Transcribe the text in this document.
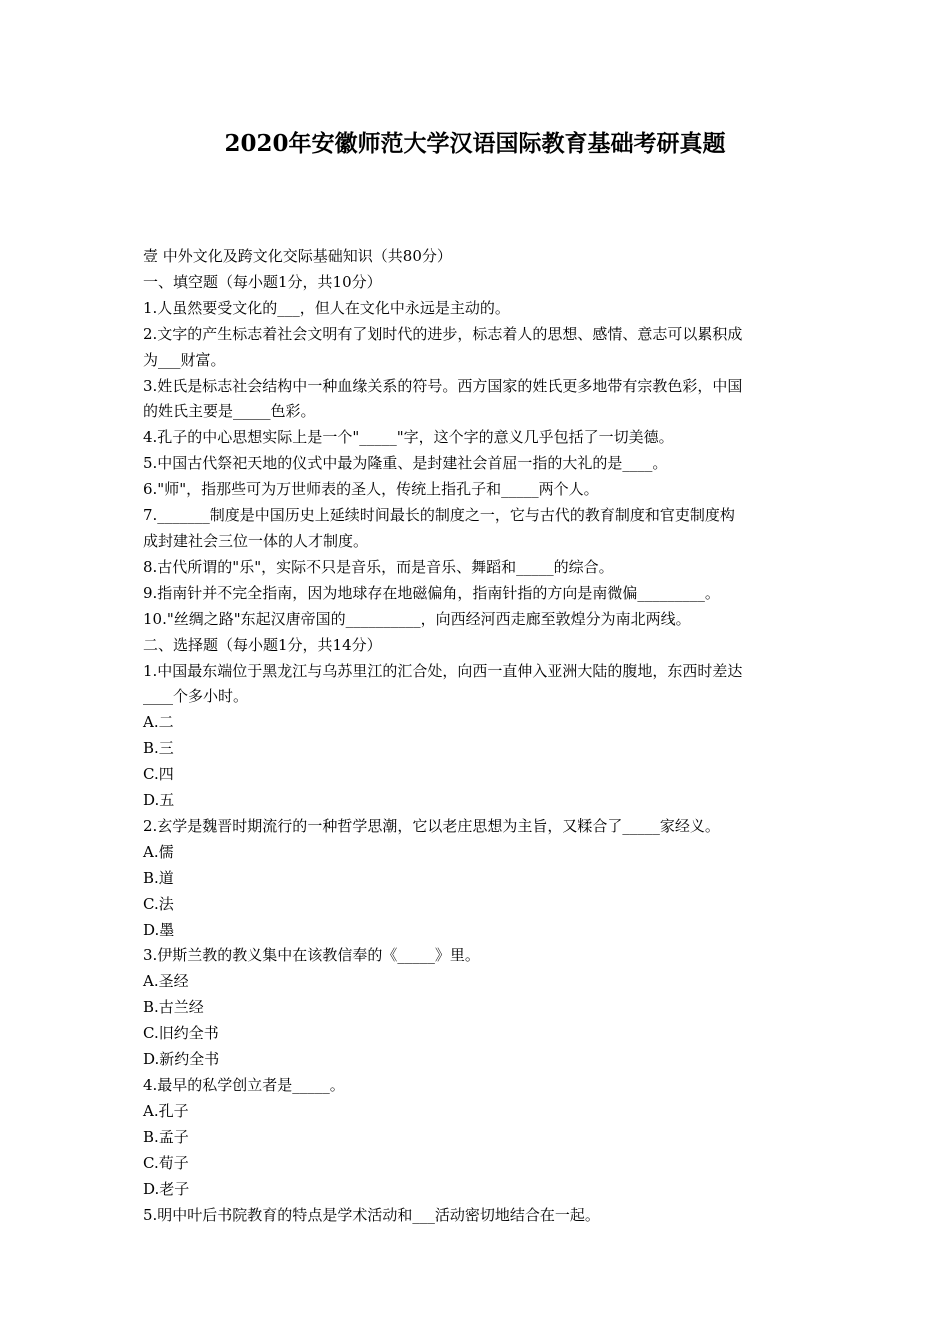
2020年安徽师范大学汉语国际教育基础考研真题
壹 中外文化及跨文化交际基础知识（共80分）
一、填空题（每小题1分，共10分）
1.人虽然要受文化的___，但人在文化中永远是主动的。
2.文字的产生标志着社会文明有了划时代的进步，标志着人的思想、感情、意志可以累积成
为___财富。
3.姓氏是标志社会结构中一种血缘关系的符号。西方国家的姓氏更多地带有宗教色彩，中国
的姓氏主要是_____色彩。
4.孔子的中心思想实际上是一个"_____"字，这个字的意义几乎包括了一切美德。
5.中国古代祭祀天地的仪式中最为隆重、是封建社会首屈一指的大礼的是____。
6."师"，指那些可为万世师表的圣人，传统上指孔子和_____两个人。
7._______制度是中国历史上延续时间最长的制度之一，它与古代的教育制度和官吏制度构
成封建社会三位一体的人才制度。
8.古代所谓的"乐"，实际不只是音乐，而是音乐、舞蹈和_____的综合。
9.指南针并不完全指南，因为地球存在地磁偏角，指南针指的方向是南微偏_________。
10."丝绸之路"东起汉唐帝国的__________，向西经河西走廊至敦煌分为南北两线。
二、选择题（每小题1分，共14分）
1.中国最东端位于黑龙江与乌苏里江的汇合处，向西一直伸入亚洲大陆的腹地，东西时差达
____个多小时。
A.二
B.三
C.四
D.五
2.玄学是魏晋时期流行的一种哲学思潮，它以老庄思想为主旨，又糅合了_____家经义。
A.儒
B.道
C.法
D.墨
3.伊斯兰教的教义集中在该教信奉的《_____》里。
A.圣经
B.古兰经
C.旧约全书
D.新约全书
4.最早的私学创立者是_____。
A.孔子
B.孟子
C.荀子
D.老子
5.明中叶后书院教育的特点是学术活动和___活动密切地结合在一起。
